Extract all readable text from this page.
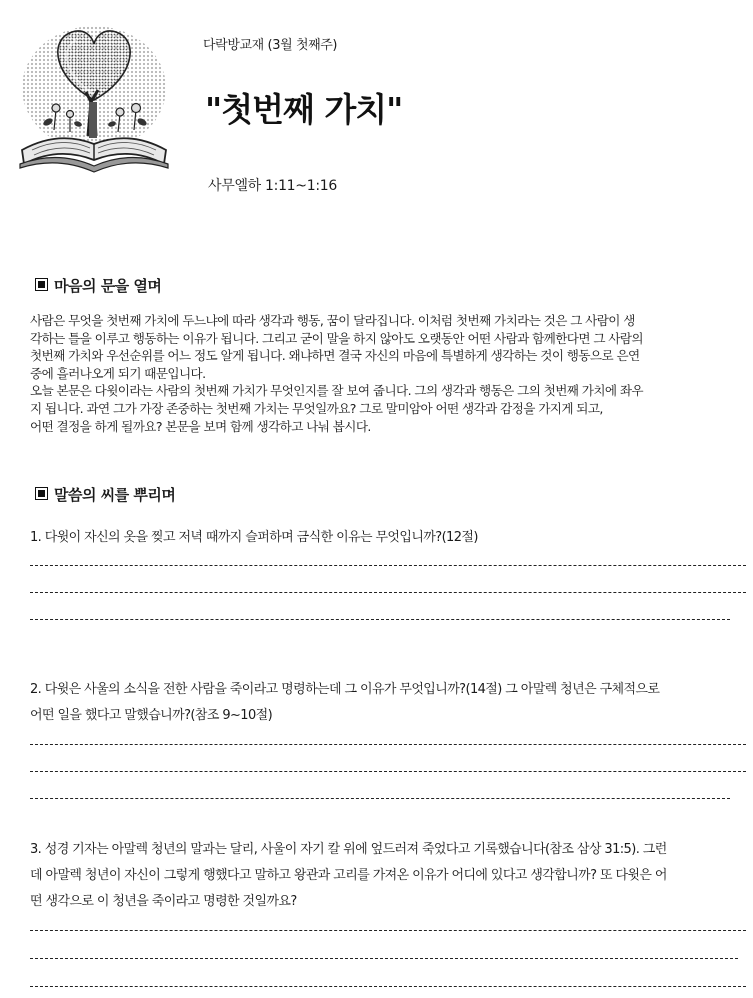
다락방교재 (3월 첫째주)
"첫번째 가치"
사무엘하 1:11~1:16
마음의 문을 열며

사람은 무엇을 첫번째 가치에 두느냐에 따라 생각과 행동, 꿈이 달라집니다. 이처럼 첫번째 가치라는 것은 그 사람이 생

각하는 틀을 이루고 행동하는 이유가 됩니다. 그리고 굳이 말을 하지 않아도 오랫동안 어떤 사람과 함께한다면 그 사람의

첫번째 가치와 우선순위를 어느 정도 알게 됩니다. 왜냐하면 결국 자신의 마음에 특별하게 생각하는 것이 행동으로 은연

중에 흘러나오게 되기 때문입니다.

오늘 본문은 다윗이라는 사람의 첫번째 가치가 무엇인지를 잘 보여 줍니다. 그의 생각과 행동은 그의 첫번째 가치에 좌우

지 됩니다. 과연 그가 가장 존중하는 첫번째 가치는 무엇일까요? 그로 말미암아 어떤 생각과 감정을 가지게 되고,

어떤 결정을 하게 될까요? 본문을 보며 함께 생각하고 나눠 봅시다.

말씀의 씨를 뿌리며

1. 다윗이 자신의 옷을 찢고 저녁 때까지 슬퍼하며 금식한 이유는 무엇입니까?(12절)

2. 다윗은 사울의 소식을 전한 사람을 죽이라고 명령하는데 그 이유가 무엇입니까?(14절) 그 아말렉 청년은 구체적으로

어떤 일을 했다고 말했습니까?(참조 9~10절)

3. 성경 기자는 아말렉 청년의 말과는 달리, 사울이 자기 칼 위에 엎드러져 죽었다고 기록했습니다(참조 삼상 31:5). 그런

데 아말렉 청년이 자신이 그렇게 행했다고 말하고 왕관과 고리를 가져온 이유가 어디에 있다고 생각합니까? 또 다윗은 어

떤 생각으로 이 청년을 죽이라고 명령한 것일까요?
